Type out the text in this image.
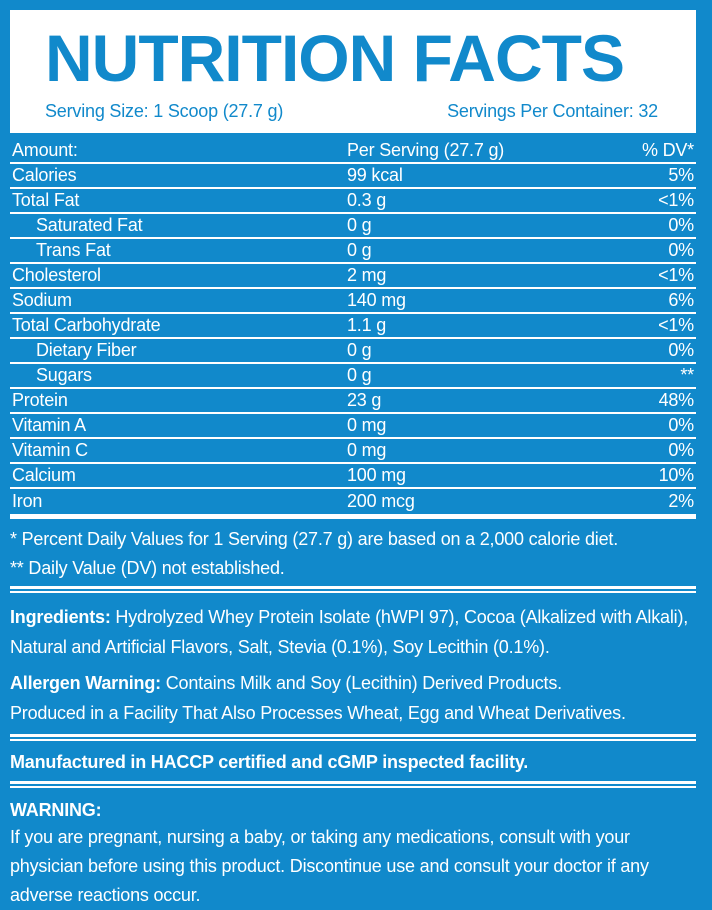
NUTRITION FACTS
Serving Size: 1 Scoop (27.7 g)	Servings Per Container: 32
Amount:	Per Serving (27.7 g)	% DV*
Calories	99 kcal	5%
Total Fat	0.3 g	<1%
Saturated Fat	0 g	0%
Trans Fat	0 g	0%
Cholesterol	2 mg	<1%
Sodium	140 mg	6%
Total Carbohydrate	1.1 g	<1%
Dietary Fiber	0 g	0%
Sugars	0 g	**
Protein	23 g	48%
Vitamin A	0 mg	0%
Vitamin C	0 mg	0%
Calcium	100 mg	10%
Iron	200 mcg	2%
* Percent Daily Values for 1 Serving (27.7 g) are based on a 2,000 calorie diet.
** Daily Value (DV) not established.
Ingredients: Hydrolyzed Whey Protein Isolate (hWPI 97), Cocoa (Alkalized with Alkali), Natural and Artificial Flavors, Salt, Stevia (0.1%), Soy Lecithin (0.1%).
Allergen Warning: Contains Milk and Soy (Lecithin) Derived Products.
Produced in a Facility That Also Processes Wheat, Egg and Wheat Derivatives.
Manufactured in HACCP certified and cGMP inspected facility.
WARNING:
If you are pregnant, nursing a baby, or taking any medications, consult with your physician before using this product. Discontinue use and consult your doctor if any adverse reactions occur.
